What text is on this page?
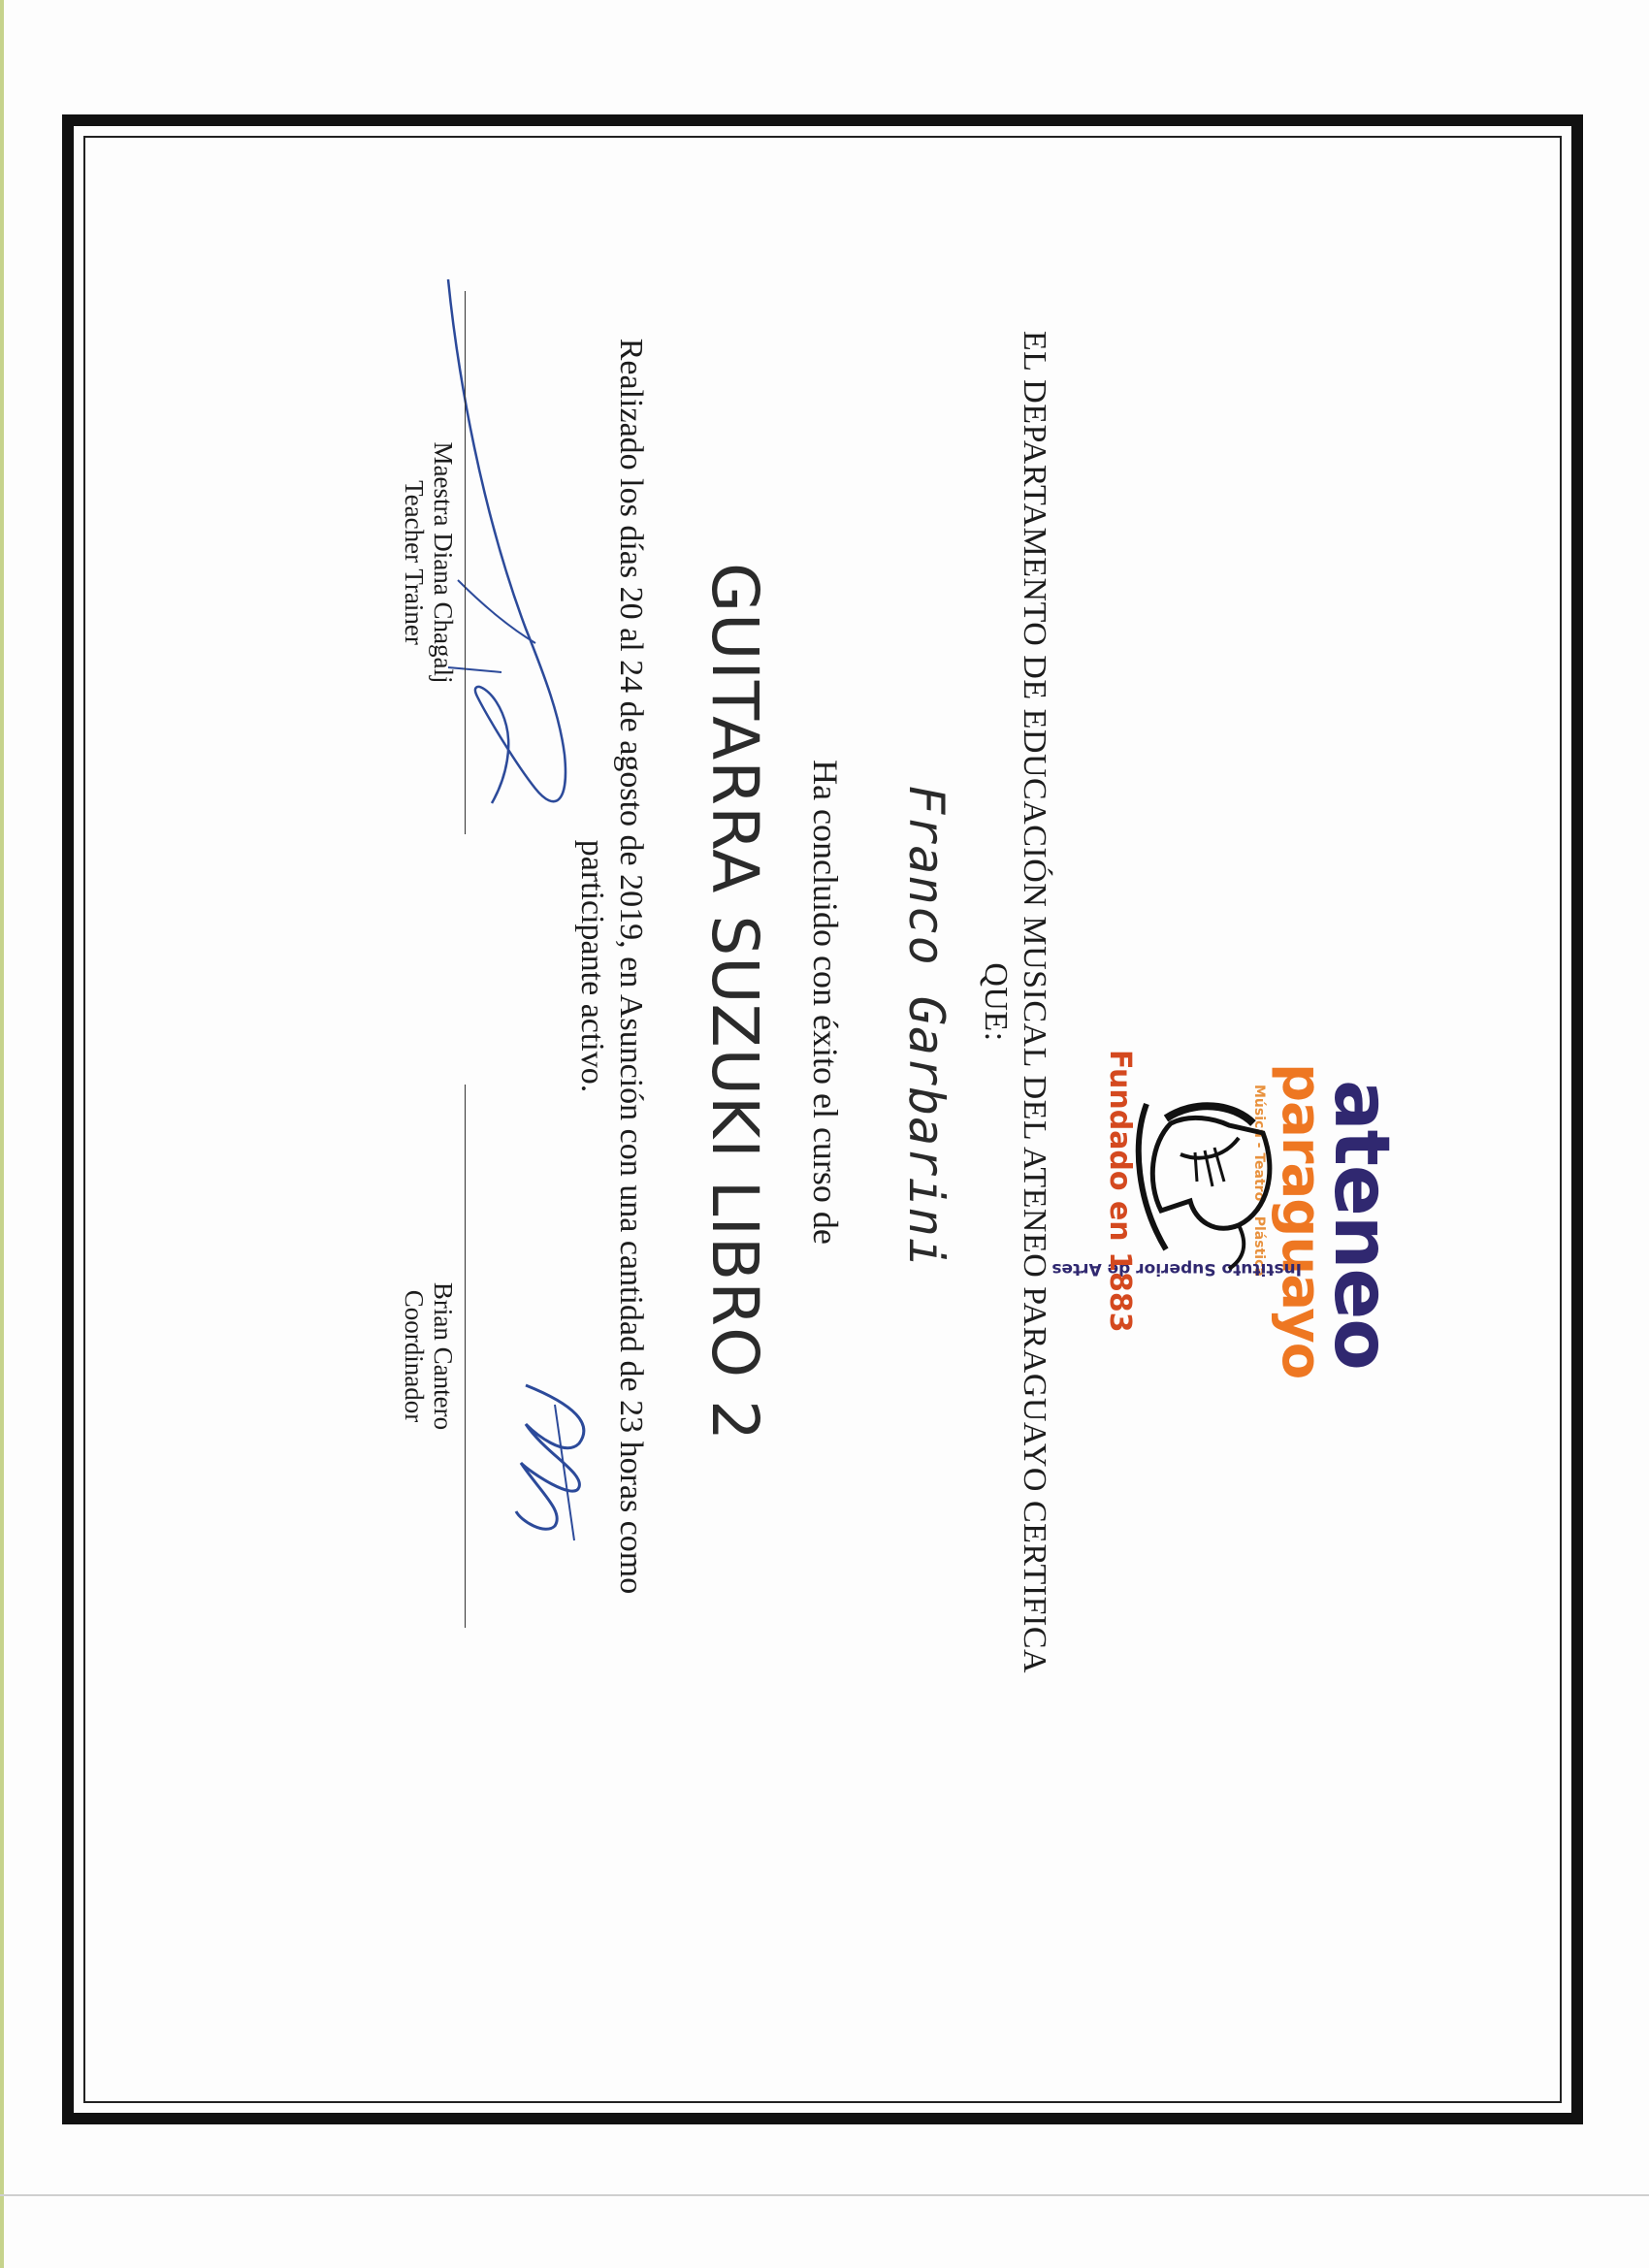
ateneo
paraguayo
Música - Teatro - Plástica
Instituto Superior de Artes
Fundado en 1883
EL DEPARTAMENTO DE EDUCACIÓN MUSICAL DEL ATENEO PARAGUAYO CERTIFICA
QUE:
Franco Garbarini
Ha concluido con éxito el curso de
GUITARRA SUZUKI LIBRO 2
Realizado los días 20 al 24 de agosto de 2019, en Asunción con una cantidad de 23 horas como participante activo.
Maestra Diana Chagalj
Teacher Trainer
Brian Cantero
Coordinador
